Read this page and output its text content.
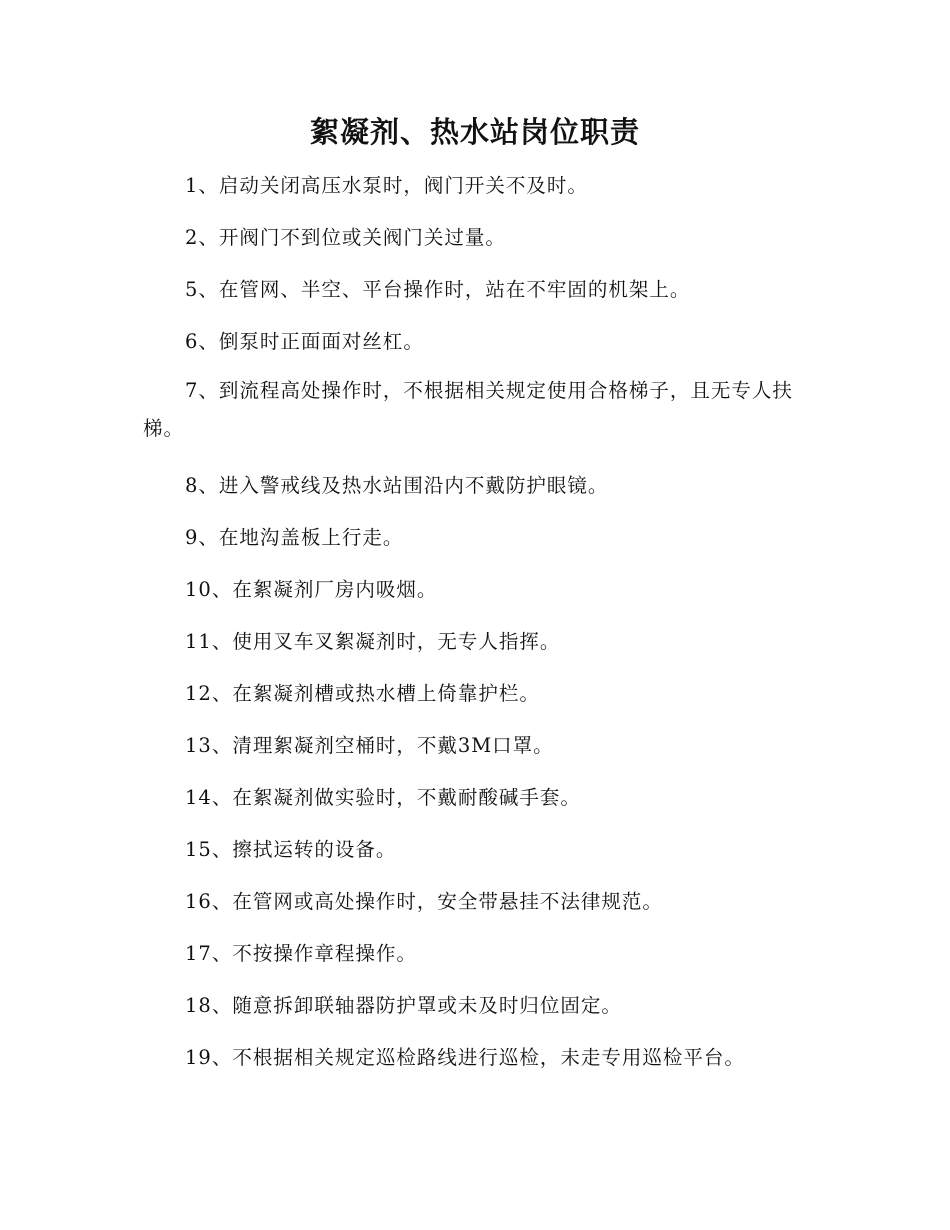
絮凝剂、热水站岗位职责
1、启动关闭高压水泵时，阀门开关不及时。
2、开阀门不到位或关阀门关过量。
5、在管网、半空、平台操作时，站在不牢固的机架上。
6、倒泵时正面面对丝杠。
7、到流程高处操作时，不根据相关规定使用合格梯子，且无专人扶梯。
8、进入警戒线及热水站围沿内不戴防护眼镜。
9、在地沟盖板上行走。
10、在絮凝剂厂房内吸烟。
11、使用叉车叉絮凝剂时，无专人指挥。
12、在絮凝剂槽或热水槽上倚靠护栏。
13、清理絮凝剂空桶时，不戴3M口罩。
14、在絮凝剂做实验时，不戴耐酸碱手套。
15、擦拭运转的设备。
16、在管网或高处操作时，安全带悬挂不法律规范。
17、不按操作章程操作。
18、随意拆卸联轴器防护罩或未及时归位固定。
19、不根据相关规定巡检路线进行巡检，未走专用巡检平台。
